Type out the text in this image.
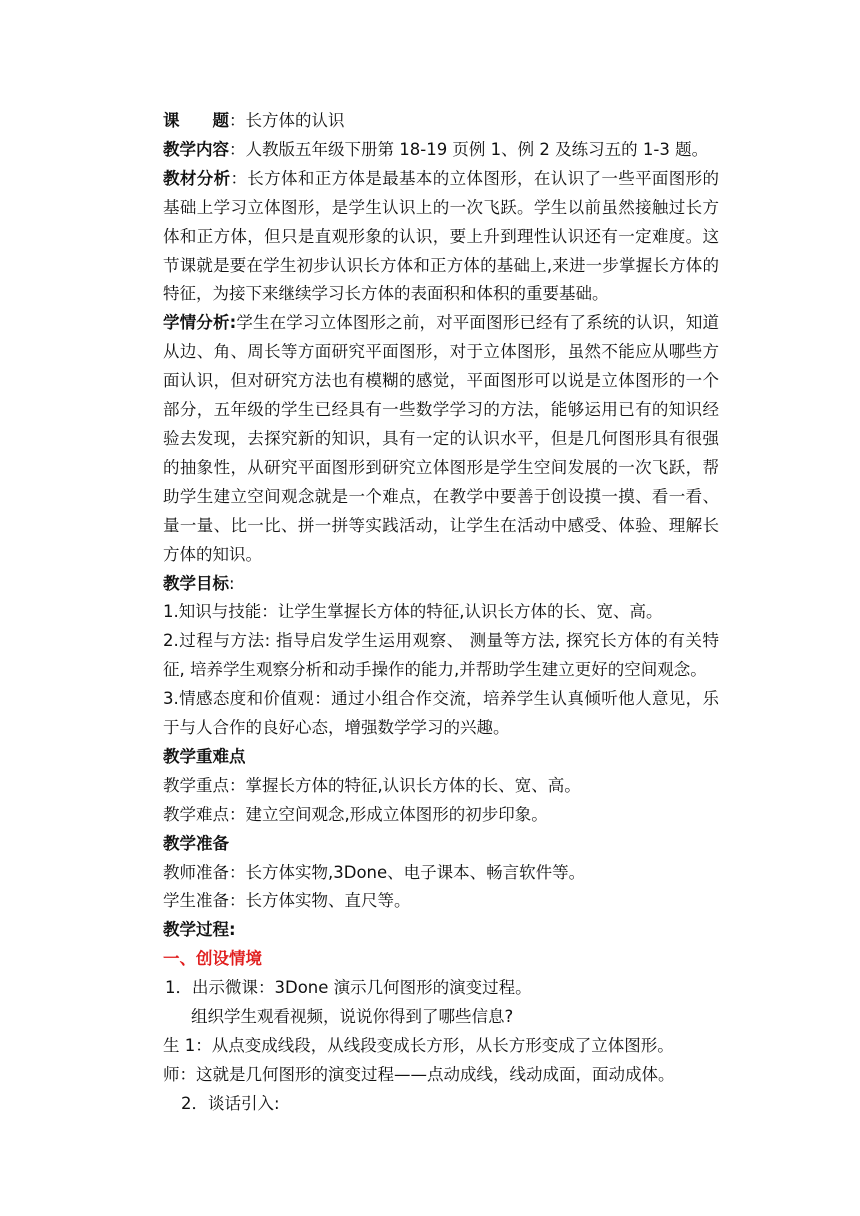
课　　题：长方体的认识

教学内容：人教版五年级下册第 18-19 页例 1、例 2 及练习五的 1-3 题。

教材分析：长方体和正方体是最基本的立体图形，在认识了一些平面图形的基础上学习立体图形，是学生认识上的一次飞跃。学生以前虽然接触过长方体和正方体，但只是直观形象的认识，要上升到理性认识还有一定难度。这节课就是要在学生初步认识长方体和正方体的基础上,来进一步掌握长方体的特征，为接下来继续学习长方体的表面积和体积的重要基础。

学情分析:学生在学习立体图形之前，对平面图形已经有了系统的认识，知道从边、角、周长等方面研究平面图形，对于立体图形，虽然不能应从哪些方面认识，但对研究方法也有模糊的感觉，平面图形可以说是立体图形的一个部分，五年级的学生已经具有一些数学学习的方法，能够运用已有的知识经验去发现，去探究新的知识，具有一定的认识水平，但是几何图形具有很强的抽象性，从研究平面图形到研究立体图形是学生空间发展的一次飞跃，帮助学生建立空间观念就是一个难点，在教学中要善于创设摸一摸、看一看、量一量、比一比、拼一拼等实践活动，让学生在活动中感受、体验、理解长方体的知识。

教学目标:

1.知识与技能：让学生掌握长方体的特征,认识长方体的长、宽、高。

2.过程与方法: 指导启发学生运用观察、 测量等方法, 探究长方体的有关特征, 培养学生观察分析和动手操作的能力,并帮助学生建立更好的空间观念。

3.情感态度和价值观：通过小组合作交流，培养学生认真倾听他人意见，乐于与人合作的良好心态，增强数学学习的兴趣。

教学重难点

教学重点：掌握长方体的特征,认识长方体的长、宽、高。

教学难点：建立空间观念,形成立体图形的初步印象。

教学准备

教师准备：长方体实物,3Done、电子课本、畅言软件等。

学生准备：长方体实物、直尺等。

教学过程:

一、创设情境

1．出示微课：3Done 演示几何图形的演变过程。

组织学生观看视频，说说你得到了哪些信息?

生 1：从点变成线段，从线段变成长方形，从长方形变成了立体图形。

师：这就是几何图形的演变过程——点动成线，线动成面，面动成体。

2．谈话引入:
